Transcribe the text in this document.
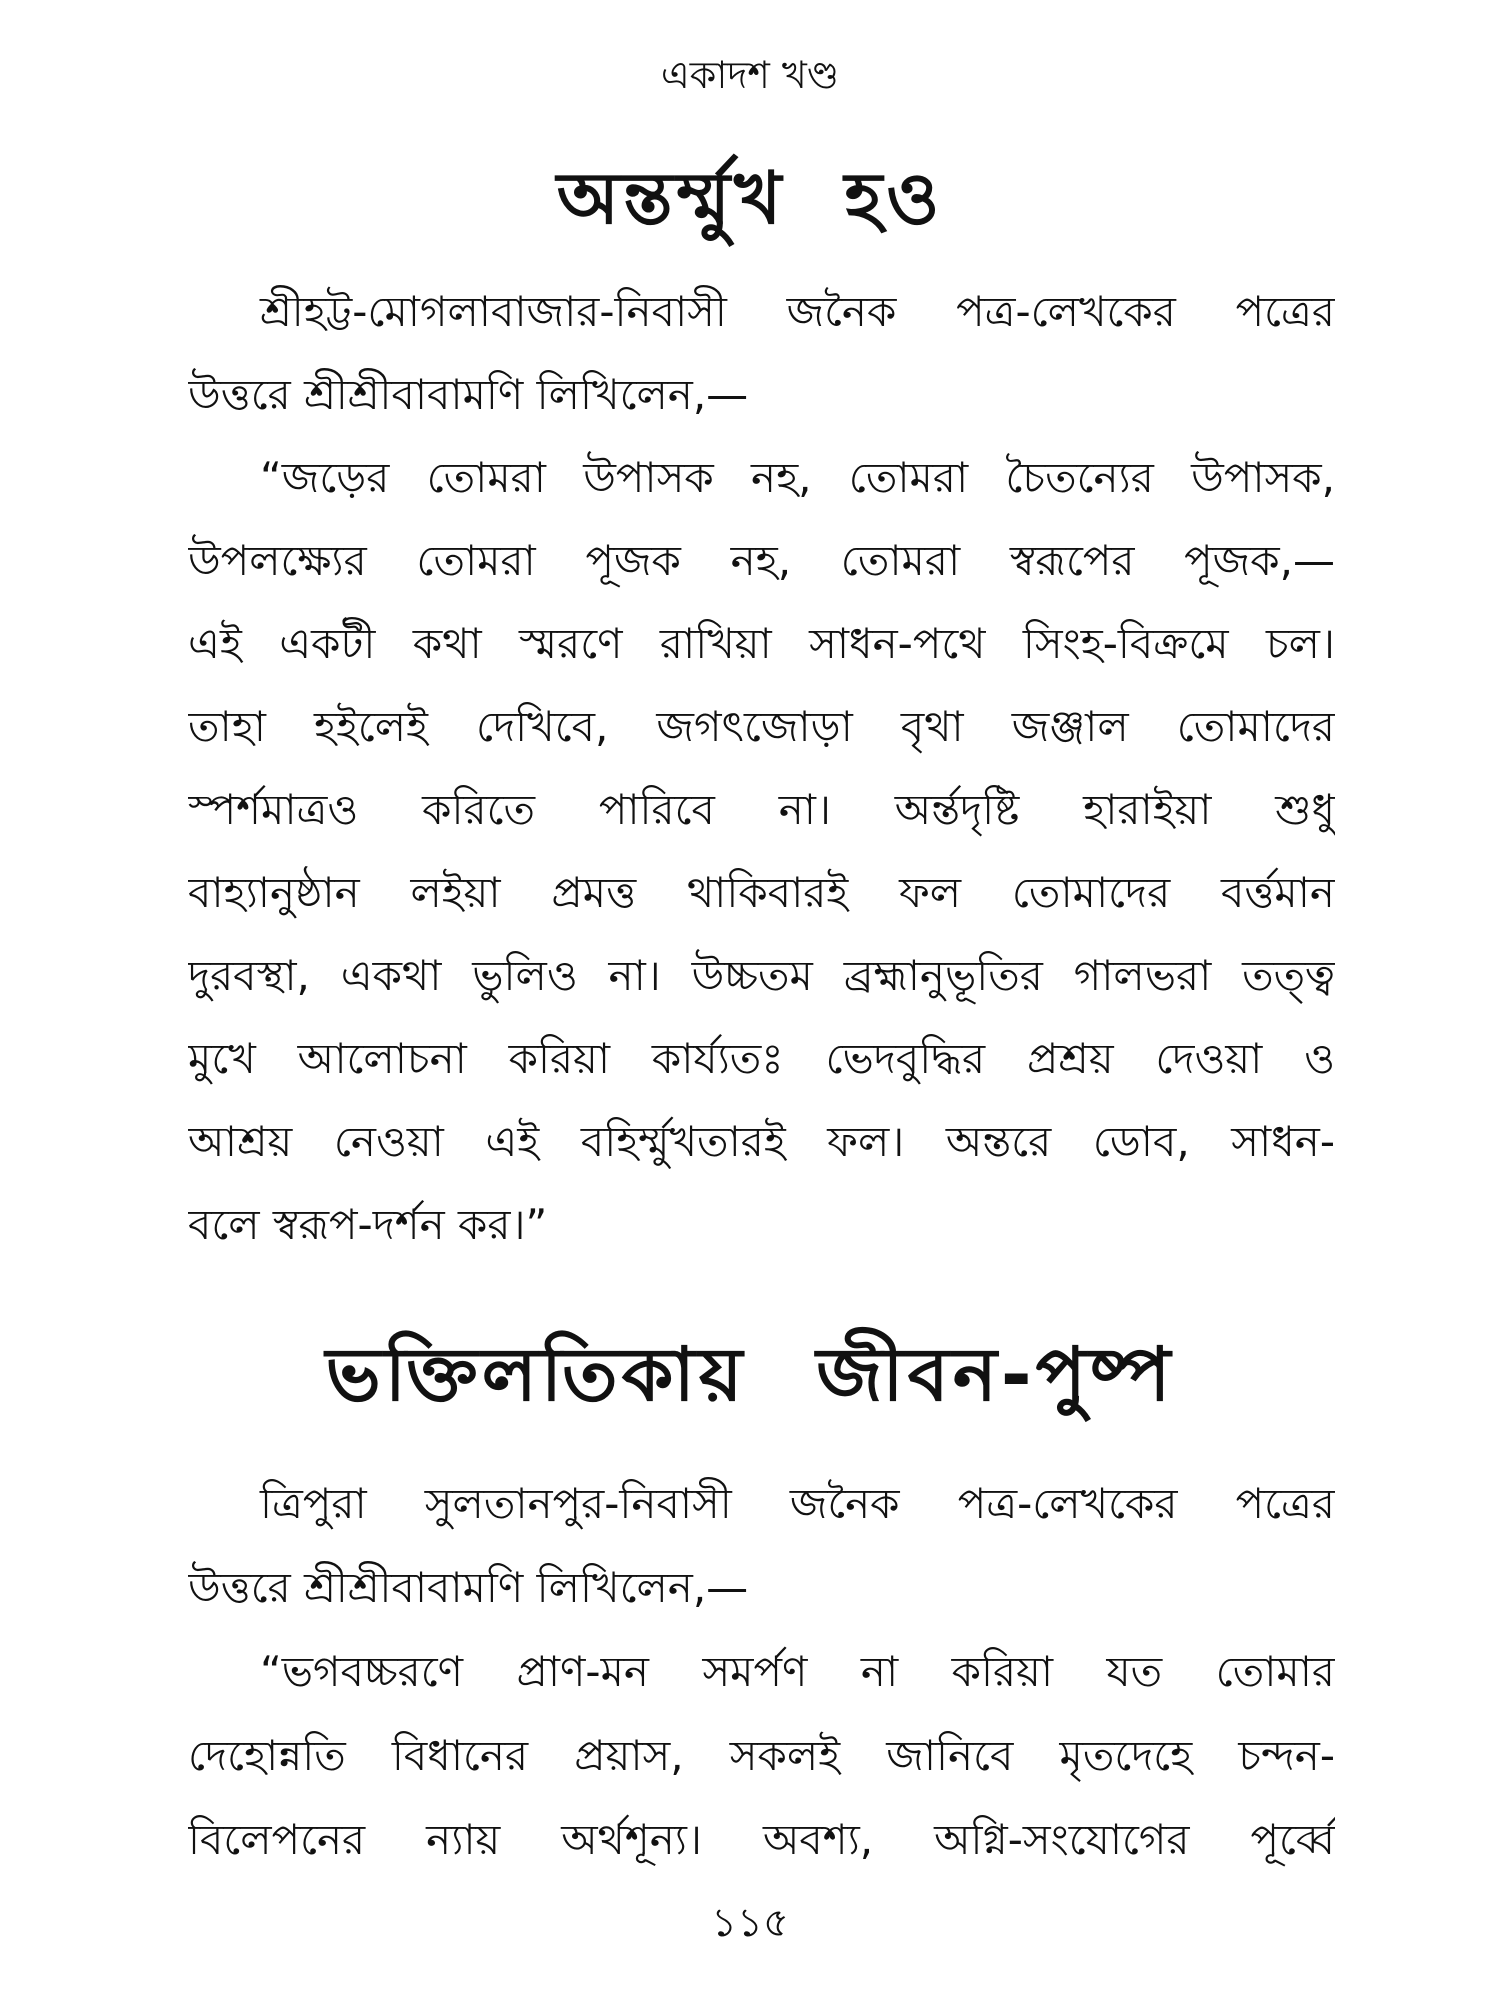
একাদশ খণ্ড
অন্তর্ম্মুখ হও
শ্রীহট্ট-মোগলাবাজার-নিবাসী জনৈক পত্র-লেখকের পত্রের
উত্তরে শ্রীশ্রীবাবামণি লিখিলেন,—
“জড়ের তোমরা উপাসক নহ, তোমরা চৈতন্যের উপাসক,
উপলক্ষ্যের তোমরা পূজক নহ, তোমরা স্বরূপের পূজক,—
এই একটী কথা স্মরণে রাখিয়া সাধন-পথে সিংহ-বিক্রমে চল।
তাহা হইলেই দেখিবে, জগৎজোড়া বৃথা জঞ্জাল তোমাদের
স্পর্শমাত্রও করিতে পারিবে না। অর্ন্তদৃষ্টি হারাইয়া শুধু
বাহ্যানুষ্ঠান লইয়া প্রমত্ত থাকিবারই ফল তোমাদের বর্ত্তমান
দুরবস্থা, একথা ভুলিও না। উচ্চতম ব্রহ্মানুভূতির গালভরা তত্ত্ব
মুখে আলোচনা করিয়া কার্য্যতঃ ভেদবুদ্ধির প্রশ্রয় দেওয়া ও
আশ্রয় নেওয়া এই বহির্ম্মুখতারই ফল। অন্তরে ডোব, সাধন-
বলে স্বরূপ-দর্শন কর।”
ভক্তিলতিকায় জীবন-পুষ্প
ত্রিপুরা সুলতানপুর-নিবাসী জনৈক পত্র-লেখকের পত্রের
উত্তরে শ্রীশ্রীবাবামণি লিখিলেন,—
“ভগবচ্চরণে প্রাণ-মন সমর্পণ না করিয়া যত তোমার
দেহোন্নতি বিধানের প্রয়াস, সকলই জানিবে মৃতদেহে চন্দন-
বিলেপনের ন্যায় অর্থশূন্য। অবশ্য, অগ্নি-সংযোগের পূর্ব্বে
১১৫
